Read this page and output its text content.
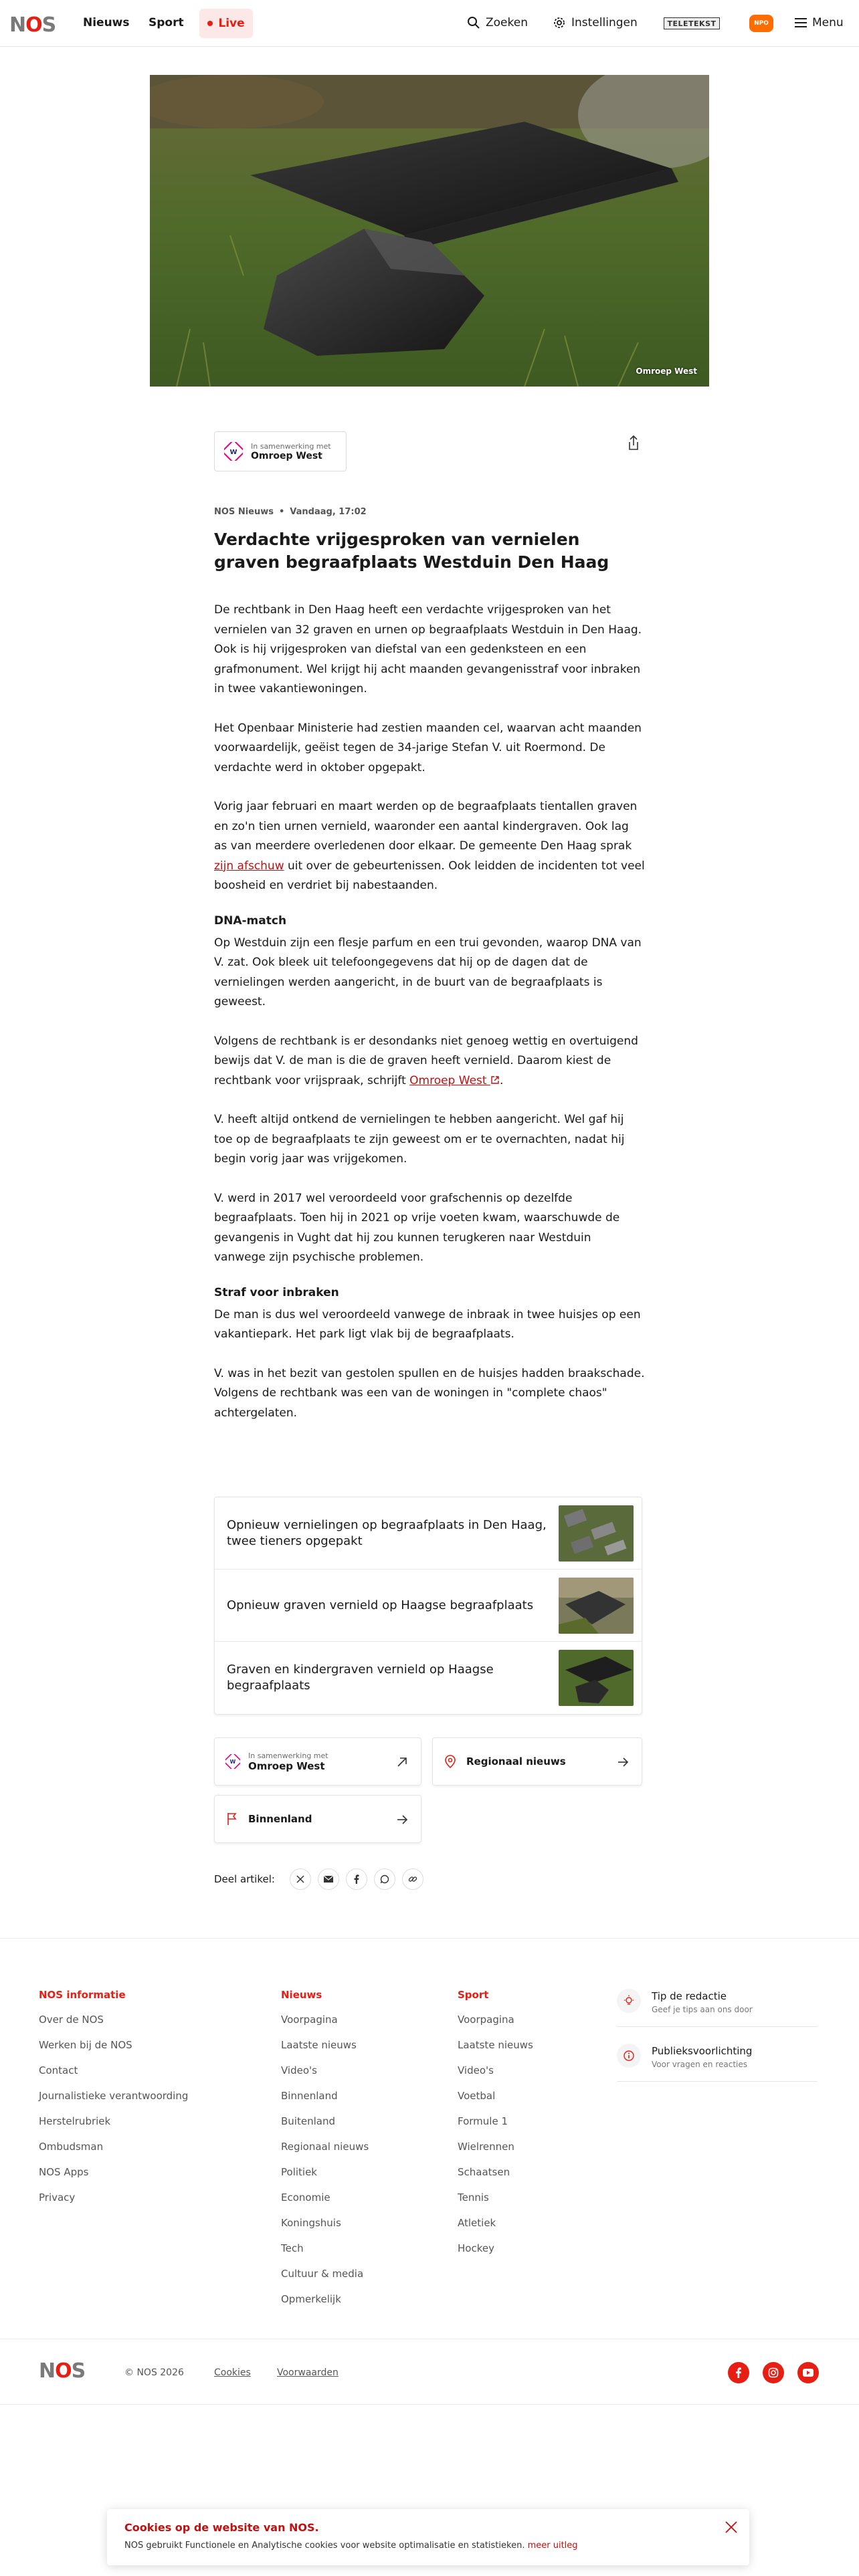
NOS Nieuws Sport	Live	Zoeken	Instellingen	TELETEKST	NPO	Menu
Omroep West
W
In samenwerking met
Omroep West
NOS Nieuws • Vandaag, 17:02
Verdachte vrijgesproken van vernielen graven begraafplaats Westduin Den Haag

De rechtbank in Den Haag heeft een verdachte vrijgesproken van het vernielen van 32 graven en urnen op begraafplaats Westduin in Den Haag. Ook is hij vrijgesproken van diefstal van een gedenksteen en een grafmonument. Wel krijgt hij acht maanden gevangenisstraf voor inbraken in twee vakantiewoningen.

Het Openbaar Ministerie had zestien maanden cel, waarvan acht maanden voorwaardelijk, geëist tegen de 34-jarige Stefan V. uit Roermond. De verdachte werd in oktober opgepakt.

Vorig jaar februari en maart werden op de begraafplaats tientallen graven en zo'n tien urnen vernield, waaronder een aantal kindergraven. Ook lag as van meerdere overledenen door elkaar. De gemeente Den Haag sprak zijn afschuw uit over de gebeurtenissen. Ook leidden de incidenten tot veel boosheid en verdriet bij nabestaanden.

DNA-match

Op Westduin zijn een flesje parfum en een trui gevonden, waarop DNA van V. zat. Ook bleek uit telefoongegevens dat hij op de dagen dat de vernielingen werden aangericht, in de buurt van de begraafplaats is geweest.

Volgens de rechtbank is er desondanks niet genoeg wettig en overtuigend bewijs dat V. de man is die de graven heeft vernield. Daarom kiest de rechtbank voor vrijspraak, schrijft Omroep West .

V. heeft altijd ontkend de vernielingen te hebben aangericht. Wel gaf hij toe op de begraafplaats te zijn geweest om er te overnachten, nadat hij begin vorig jaar was vrijgekomen.

V. werd in 2017 wel veroordeeld voor grafschennis op dezelfde begraafplaats. Toen hij in 2021 op vrije voeten kwam, waarschuwde de gevangenis in Vught dat hij zou kunnen terugkeren naar Westduin vanwege zijn psychische problemen.

Straf voor inbraken

De man is dus wel veroordeeld vanwege de inbraak in twee huisjes op een vakantiepark. Het park ligt vlak bij de begraafplaats.

V. was in het bezit van gestolen spullen en de huisjes hadden braakschade. Volgens de rechtbank was een van de woningen in "complete chaos" achtergelaten.

Opnieuw vernielingen op begraafplaats in Den Haag, twee tieners opgepakt
Opnieuw graven vernield op Haagse begraafplaats
Graven en kindergraven vernield op Haagse begraafplaats
W
In samenwerking met
Omroep West	Regionaal nieuws
Binnenland
Deel artikel:
NOS informatie
Over de NOS
Werken bij de NOS
Contact
Journalistieke verantwoording
Herstelrubriek
Ombudsman
NOS Apps
Privacy
Nieuws
Voorpagina
Laatste nieuws
Video's
Binnenland
Buitenland
Regionaal nieuws
Politiek
Economie
Koningshuis
Tech
Cultuur & media
Opmerkelijk
Sport
Voorpagina
Laatste nieuws
Video's
Voetbal
Formule 1
Wielrennen
Schaatsen
Tennis
Atletiek
Hockey
Tip de redactie
Geef je tips aan ons door
Publieksvoorlichting
Voor vragen en reacties
NOS	© NOS 2026	Cookies	Voorwaarden
Cookies op de website van NOS.
NOS gebruikt Functionele en Analytische cookies voor website optimalisatie en statistieken. meer uitleg
